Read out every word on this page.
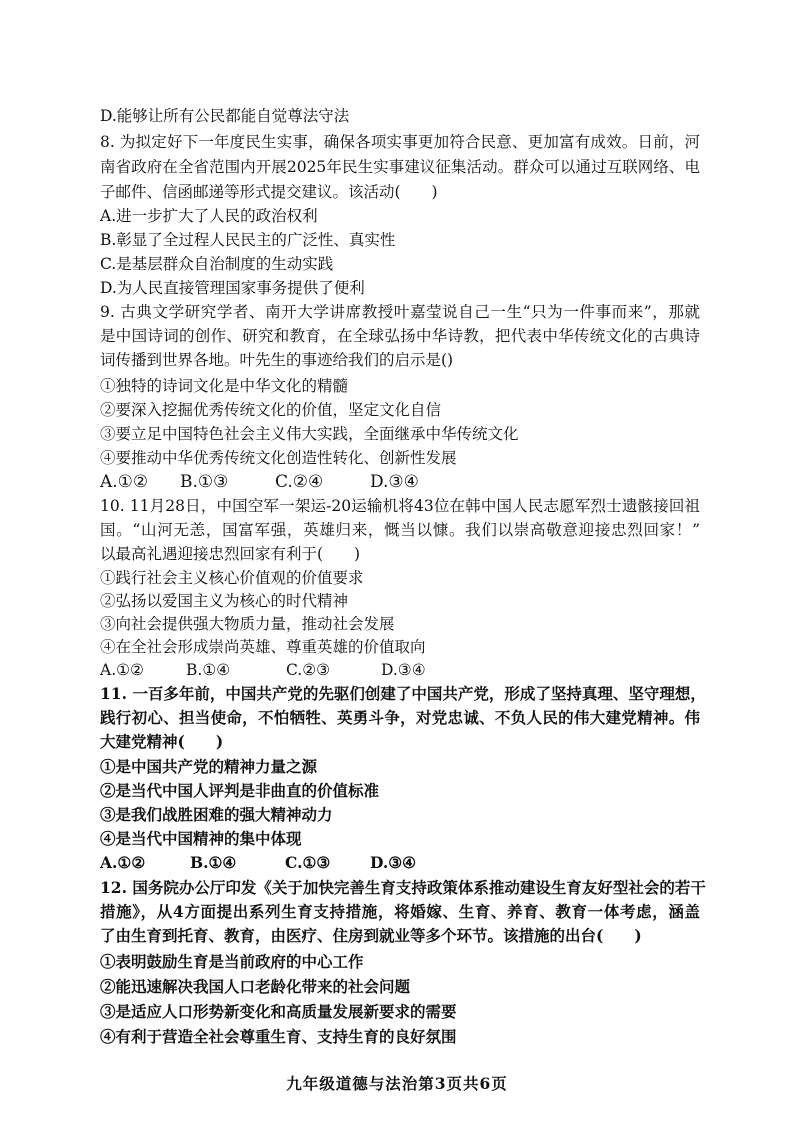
D.能够让所有公民都能自觉尊法守法
8. 为拟定好下一年度民生实事，确保各项实事更加符合民意、更加富有成效。日前，河
南省政府在全省范围内开展2025年民生实事建议征集活动。群众可以通过互联网络、电
子邮件、信函邮递等形式提交建议。该活动(　　)
A.进一步扩大了人民的政治权利
B.彰显了全过程人民民主的广泛性、真实性
C.是基层群众自治制度的生动实践
D.为人民直接管理国家事务提供了便利
9. 古典文学研究学者、南开大学讲席教授叶嘉莹说自己一生“只为一件事而来”，那就
是中国诗词的创作、研究和教育，在全球弘扬中华诗教，把代表中华传统文化的古典诗
词传播到世界各地。叶先生的事迹给我们的启示是()
①独特的诗词文化是中华文化的精髓
②要深入挖掘优秀传统文化的价值，坚定文化自信
③要立足中国特色社会主义伟大实践，全面继承中华传统文化
④要推动中华优秀传统文化创造性转化、创新性发展
A.①②	B.①③	C.②④	D.③④
10. 11月28日，中国空军一架运-20运输机将43位在韩中国人民志愿军烈士遗骸接回祖
国。“山河无恙，国富军强，英雄归来，慨当以慷。我们以崇高敬意迎接忠烈回家！”
以最高礼遇迎接忠烈回家有利于(　　)
①践行社会主义核心价值观的价值要求
②弘扬以爱国主义为核心的时代精神
③向社会提供强大物质力量，推动社会发展
④在全社会形成崇尚英雄、尊重英雄的价值取向
A.①②	B.①④	C.②③	D.③④
11. 一百多年前，中国共产党的先驱们创建了中国共产党，形成了坚持真理、坚守理想，
践行初心、担当使命，不怕牺牲、英勇斗争，对党忠诚、不负人民的伟大建党精神。伟
大建党精神(　　)
①是中国共产党的精神力量之源
②是当代中国人评判是非曲直的价值标准
③是我们战胜困难的强大精神动力
④是当代中国精神的集中体现
A.①②	B.①④	C.①③	D.③④
12. 国务院办公厅印发《关于加快完善生育支持政策体系推动建设生育友好型社会的若干
措施》，从4方面提出系列生育支持措施，将婚嫁、生育、养育、教育一体考虑，涵盖
了由生育到托育、教育，由医疗、住房到就业等多个环节。该措施的出台(　　)
①表明鼓励生育是当前政府的中心工作
②能迅速解决我国人口老龄化带来的社会问题
③是适应人口形势新变化和高质量发展新要求的需要
④有利于营造全社会尊重生育、支持生育的良好氛围
九年级道德与法治第3页共6页
